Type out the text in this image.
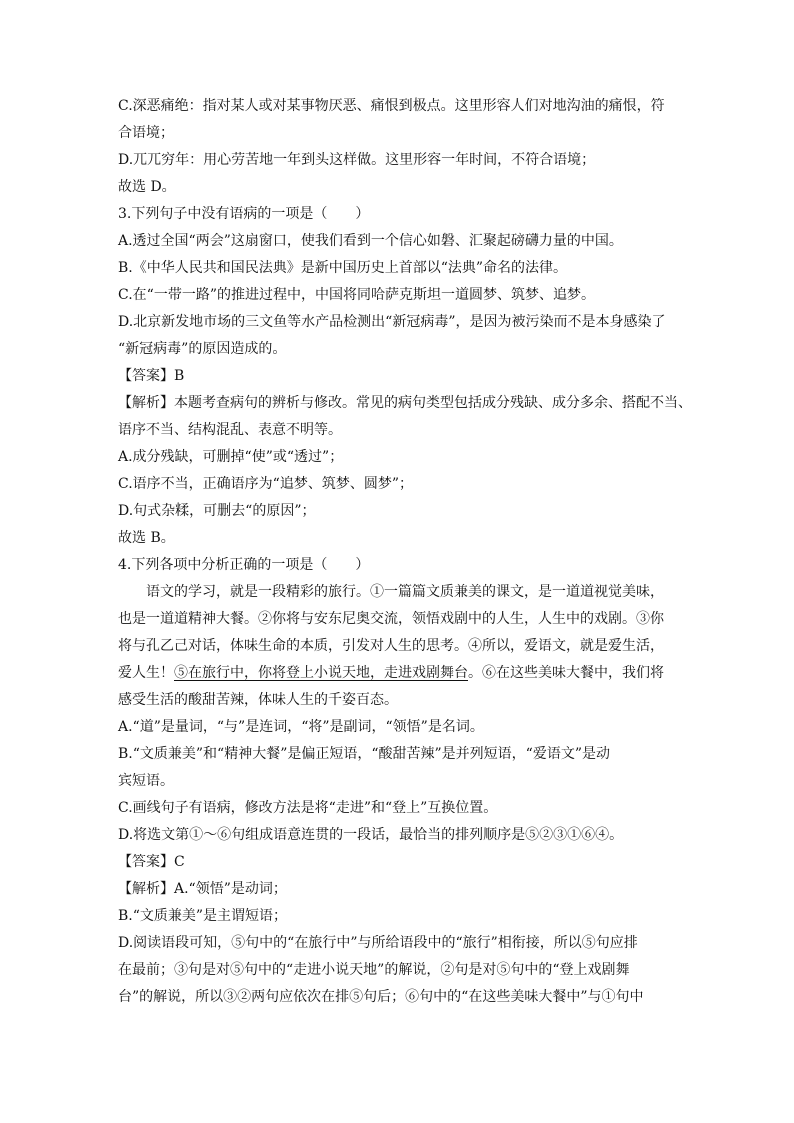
C.深恶痛绝：指对某人或对某事物厌恶、痛恨到极点。这里形容人们对地沟油的痛恨，符
合语境；
D.兀兀穷年：用心劳苦地一年到头这样做。这里形容一年时间，不符合语境；
故选 D。
3.下列句子中没有语病的一项是（　　）
A.透过全国“两会”这扇窗口，使我们看到一个信心如磐、汇聚起磅礴力量的中国。
B.《中华人民共和国民法典》是新中国历史上首部以“法典”命名的法律。
C.在“一带一路”的推进过程中，中国将同哈萨克斯坦一道圆梦、筑梦、追梦。
D.北京新发地市场的三文鱼等水产品检测出“新冠病毒”，是因为被污染而不是本身感染了
“新冠病毒”的原因造成的。
【答案】B
【解析】本题考查病句的辨析与修改。常见的病句类型包括成分残缺、成分多余、搭配不当、
语序不当、结构混乱、表意不明等。
A.成分残缺，可删掉“使”或“透过”；
C.语序不当，正确语序为“追梦、筑梦、圆梦”；
D.句式杂糅，可删去“的原因”；
故选 B。
4.下列各项中分析正确的一项是（　　）
语文的学习，就是一段精彩的旅行。①一篇篇文质兼美的课文，是一道道视觉美味，
也是一道道精神大餐。②你将与安东尼奥交流，领悟戏剧中的人生，人生中的戏剧。③你
将与孔乙己对话，体味生命的本质，引发对人生的思考。④所以，爱语文，就是爱生活，
爱人生！⑤在旅行中，你将登上小说天地，走进戏剧舞台。⑥在这些美味大餐中，我们将
感受生活的酸甜苦辣，体味人生的千姿百态。
A.“道”是量词，“与”是连词，“将”是副词，“领悟”是名词。
B.“文质兼美”和“精神大餐”是偏正短语，“酸甜苦辣”是并列短语，“爱语文”是动
宾短语。
C.画线句子有语病，修改方法是将“走进”和“登上”互换位置。
D.将选文第①～⑥句组成语意连贯的一段话，最恰当的排列顺序是⑤②③①⑥④。
【答案】C
【解析】A.“领悟”是动词；
B.“文质兼美”是主谓短语；
D.阅读语段可知，⑤句中的“在旅行中”与所给语段中的“旅行”相衔接，所以⑤句应排
在最前；③句是对⑤句中的“走进小说天地”的解说，②句是对⑤句中的“登上戏剧舞
台”的解说，所以③②两句应依次在排⑤句后；⑥句中的“在这些美味大餐中”与①句中
